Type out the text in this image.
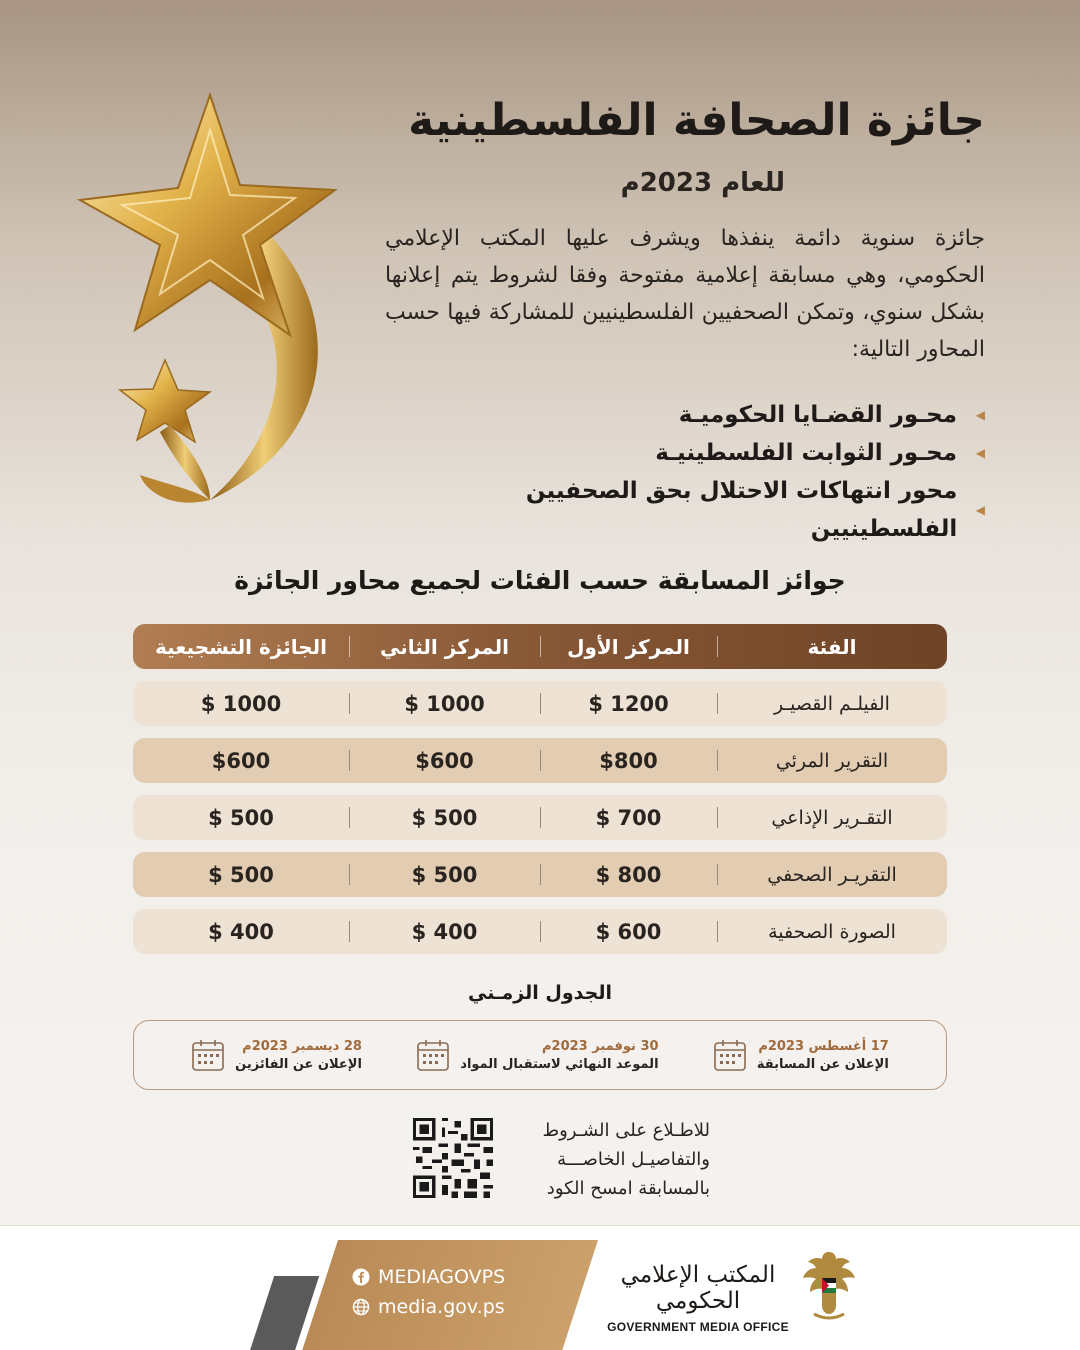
جائزة الصحافة الفلسطينية
للعام 2023م

جائزة سنوية دائمة ينفذها ويشرف عليها المكتب الإعلامي الحكومي، وهي مسابقة إعلامية مفتوحة وفقا لشروط يتم إعلانها بشكل سنوي، وتمكن الصحفيين الفلسطينيين للمشاركة فيها حسب المحاور التالية:

◀
محـور القضـايا الحكوميـة
◀
محـور الثوابت الفلسطينيـة
◀
محور انتهاكات الاحتلال بحق الصحفيين الفلسطينيين
جوائز المسابقة حسب الفئات لجميع محاور الجائزة
الفئة
المركز الأول
المركز الثاني
الجائزة التشجيعية
الفيلـم القصيـر
$ 1200
$ 1000
$ 1000
التقرير المرئي
$800
$600
$600
التقـرير الإذاعي
$ 700
$ 500
$ 500
التقريـر الصحفي
$ 800
$ 500
$ 500
الصورة الصحفية
$ 600
$ 400
$ 400
الجدول الزمـني
17 أغسطس 2023م
الإعلان عن المسابقة
30 نوفمبر 2023م
الموعد النهائي لاستقبال المواد
28 ديسمبر 2023م
الإعلان عن الفائزين
للاطـلاع على الشـروط
والتفاصيـل الخاصـــة
بالمسابقة امسح الكود
MEDIAGOVPS
media.gov.ps
المكتب الإعلامي الحكومي
GOVERNMENT MEDIA OFFICE
